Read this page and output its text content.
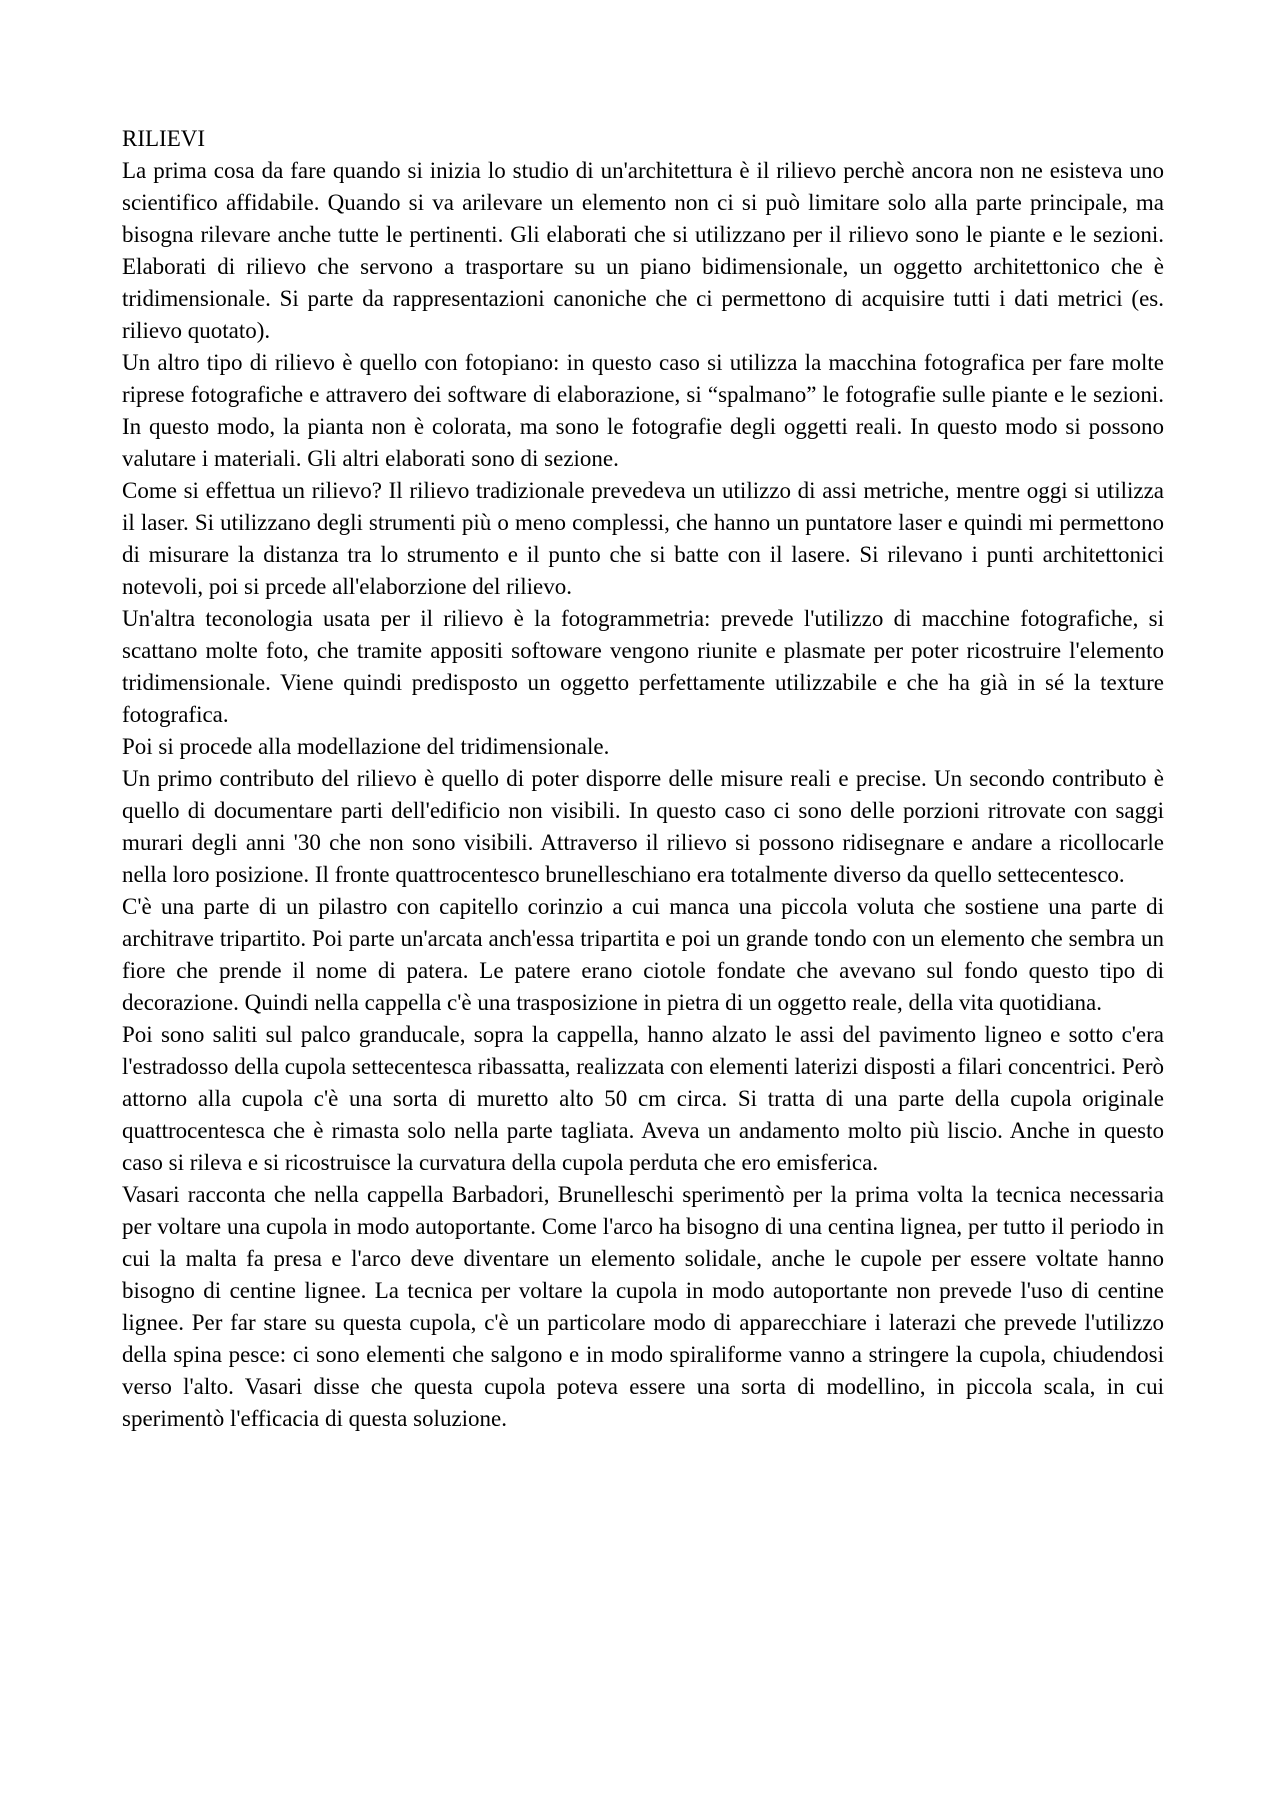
RILIEVI

La prima cosa da fare quando si inizia lo studio di un'architettura è il rilievo perchè ancora non ne esisteva uno scientifico affidabile. Quando si va arilevare un elemento non ci si può limitare solo alla parte principale, ma bisogna rilevare anche tutte le pertinenti. Gli elaborati che si utilizzano per il rilievo sono le piante e le sezioni. Elaborati di rilievo che servono a trasportare su un piano bidimensionale, un oggetto architettonico che è tridimensionale. Si parte da rappresentazioni canoniche che ci permettono di acquisire tutti i dati metrici (es. rilievo quotato).

Un altro tipo di rilievo è quello con fotopiano: in questo caso si utilizza la macchina fotografica per fare molte riprese fotografiche e attravero dei software di elaborazione, si “spalmano” le fotografie sulle piante e le sezioni. In questo modo, la pianta non è colorata, ma sono le fotografie degli oggetti reali. In questo modo si possono valutare i materiali. Gli altri elaborati sono di sezione.

Come si effettua un rilievo? Il rilievo tradizionale prevedeva un utilizzo di assi metriche, mentre oggi si utilizza il laser. Si utilizzano degli strumenti più o meno complessi, che hanno un puntatore laser e quindi mi permettono di misurare la distanza tra lo strumento e il punto che si batte con il lasere. Si rilevano i punti architettonici notevoli, poi si prcede all'elaborzione del rilievo.

Un'altra teconologia usata per il rilievo è la fotogrammetria: prevede l'utilizzo di macchine fotografiche, si scattano molte foto, che tramite appositi softoware vengono riunite e plasmate per poter ricostruire l'elemento tridimensionale. Viene quindi predisposto un oggetto perfettamente utilizzabile e che ha già in sé la texture fotografica.

Poi si procede alla modellazione del tridimensionale.

Un primo contributo del rilievo è quello di poter disporre delle misure reali e precise. Un secondo contributo è quello di documentare parti dell'edificio non visibili. In questo caso ci sono delle porzioni ritrovate con saggi murari degli anni '30 che non sono visibili. Attraverso il rilievo si possono ridisegnare e andare a ricollocarle nella loro posizione. Il fronte quattrocentesco brunelleschiano era totalmente diverso da quello settecentesco.

C'è una parte di un pilastro con capitello corinzio a cui manca una piccola voluta che sostiene una parte di architrave tripartito. Poi parte un'arcata anch'essa tripartita e poi un grande tondo con un elemento che sembra un fiore che prende il nome di patera. Le patere erano ciotole fondate che avevano sul fondo questo tipo di decorazione. Quindi nella cappella c'è una trasposizione in pietra di un oggetto reale, della vita quotidiana.

Poi sono saliti sul palco granducale, sopra la cappella, hanno alzato le assi del pavimento ligneo e sotto c'era l'estradosso della cupola settecentesca ribassatta, realizzata con elementi laterizi disposti a filari concentrici. Però attorno alla cupola c'è una sorta di muretto alto 50 cm circa. Si tratta di una parte della cupola originale quattrocentesca che è rimasta solo nella parte tagliata. Aveva un andamento molto più liscio. Anche in questo caso si rileva e si ricostruisce la curvatura della cupola perduta che ero emisferica.

Vasari racconta che nella cappella Barbadori, Brunelleschi sperimentò per la prima volta la tecnica necessaria per voltare una cupola in modo autoportante. Come l'arco ha bisogno di una centina lignea, per tutto il periodo in cui la malta fa presa e l'arco deve diventare un elemento solidale, anche le cupole per essere voltate hanno bisogno di centine lignee. La tecnica per voltare la cupola in modo autoportante non prevede l'uso di centine lignee. Per far stare su questa cupola, c'è un particolare modo di apparecchiare i laterazi che prevede l'utilizzo della spina pesce: ci sono elementi che salgono e in modo spiraliforme vanno a stringere la cupola, chiudendosi verso l'alto. Vasari disse che questa cupola poteva essere una sorta di modellino, in piccola scala, in cui sperimentò l'efficacia di questa soluzione.
